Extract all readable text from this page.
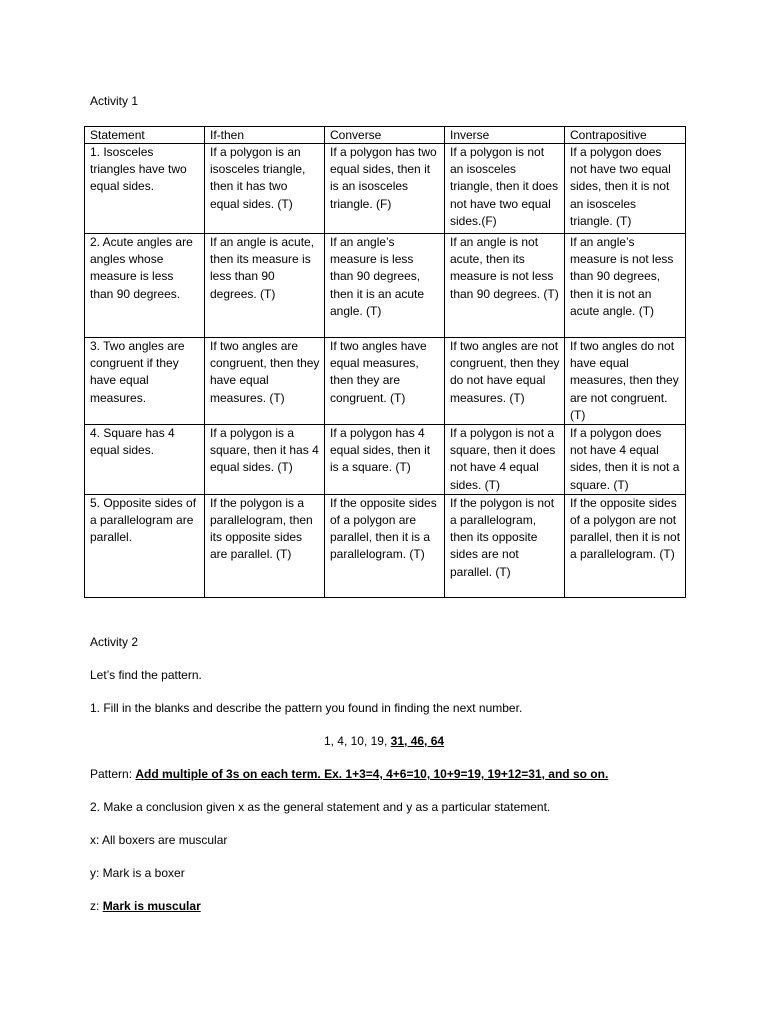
Activity 1
Statement	If-then	Converse	Inverse	Contrapositive
1. Isosceles triangles have two equal sides.	If a polygon is an isosceles triangle, then it has two equal sides. (T)	If a polygon has two equal sides, then it is an isosceles triangle. (F)	If a polygon is not an isosceles triangle, then it does not have two equal sides.(F)	If a polygon does not have two equal sides, then it is not an isosceles triangle. (T)
2. Acute angles are angles whose measure is less than 90 degrees.	If an angle is acute, then its measure is less than 90 degrees. (T)	If an angle’s measure is less than 90 degrees, then it is an acute angle. (T)	If an angle is not acute, then its measure is not less than 90 degrees. (T)	If an angle’s measure is not less than 90 degrees, then it is not an acute angle. (T)
3. Two angles are congruent if they have equal measures.	If two angles are congruent, then they have equal measures. (T)	If two angles have equal measures, then they are congruent. (T)	If two angles are not congruent, then they do not have equal measures. (T)	If two angles do not have equal measures, then they are not congruent. (T)
4. Square has 4 equal sides.	If a polygon is a square, then it has 4 equal sides. (T)	If a polygon has 4 equal sides, then it is a square. (T)	If a polygon is not a square, then it does not have 4 equal sides. (T)	If a polygon does not have 4 equal sides, then it is not a square. (T)
5. Opposite sides of a parallelogram are parallel.	If the polygon is a parallelogram, then its opposite sides are parallel. (T)	If the opposite sides of a polygon are parallel, then it is a parallelogram. (T)	If the polygon is not a parallelogram, then its opposite sides are not parallel. (T)	If the opposite sides of a polygon are not parallel, then it is not a parallelogram. (T)
Activity 2
Let’s find the pattern.
1. Fill in the blanks and describe the pattern you found in finding the next number.
1, 4, 10, 19, 31, 46, 64
Pattern: Add multiple of 3s on each term. Ex. 1+3=4, 4+6=10, 10+9=19, 19+12=31, and so on.
2. Make a conclusion given x as the general statement and y as a particular statement.
x: All boxers are muscular
y: Mark is a boxer
z: Mark is muscular
